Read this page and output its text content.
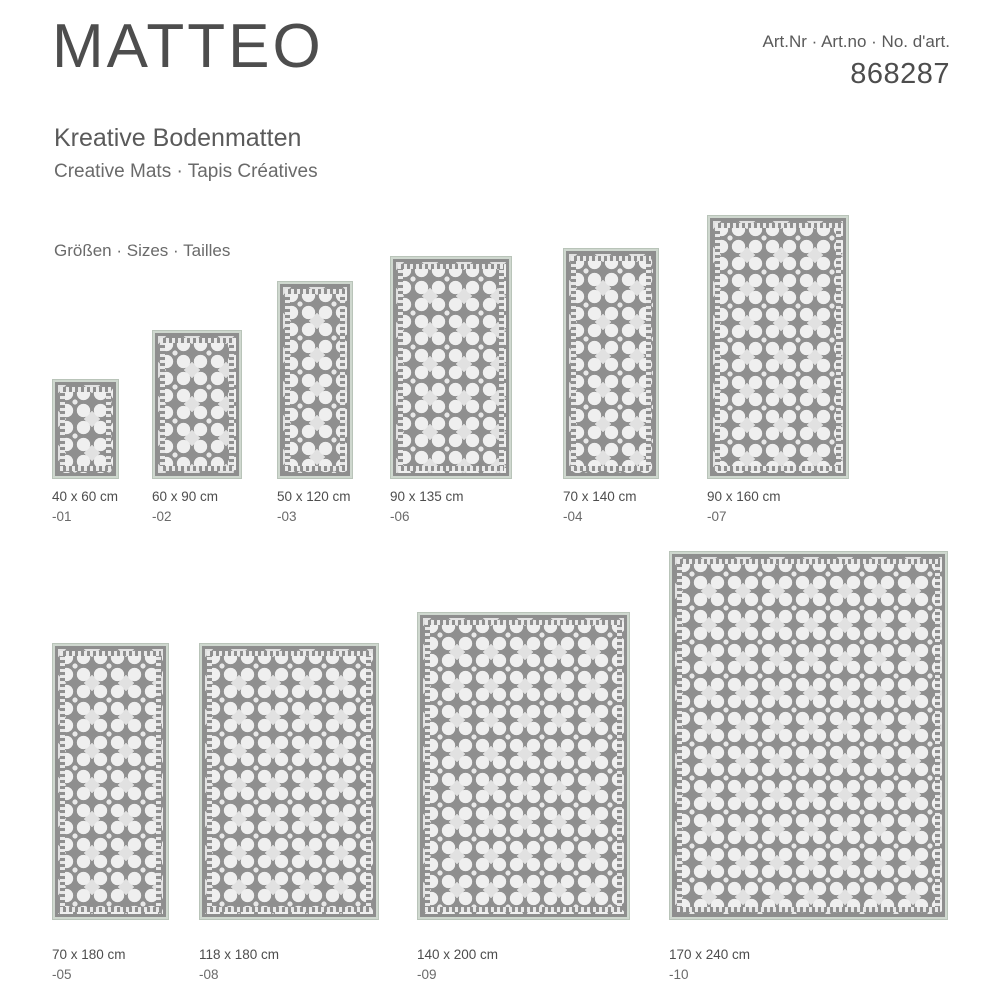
MATTEO
Kreative Bodenmatten
Creative Mats · Tapis Créatives
Art.Nr · Art.no · No. d'art.
868287
Größen · Sizes · Tailles
40 x 60 cm
-01
60 x 90 cm
-02
50 x 120 cm
-03
90 x 135 cm
-06
70 x 140 cm
-04
90 x 160 cm
-07
70 x 180 cm
-05
118 x 180 cm
-08
140 x 200 cm
-09
170 x 240 cm
-10
